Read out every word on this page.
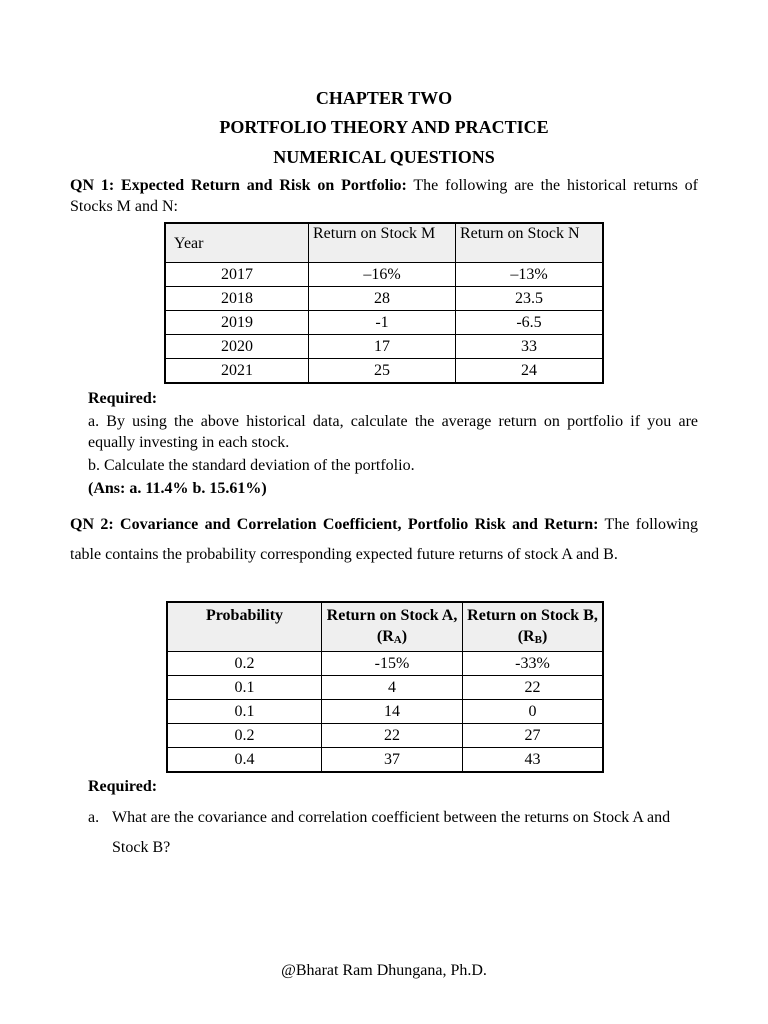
CHAPTER TWO
PORTFOLIO THEORY AND PRACTICE
NUMERICAL QUESTIONS
QN 1: Expected Return and Risk on Portfolio: The following are the historical returns of Stocks M and N:
Year	Return on Stock M	Return on Stock N
2017	–16%	–13%
2018	28	23.5
2019	-1	-6.5
2020	17	33
2021	25	24
Required:
a. By using the above historical data, calculate the average return on portfolio if you are equally investing in each stock.
b. Calculate the standard deviation of the portfolio.
(Ans: a. 11.4% b. 15.61%)
QN 2: Covariance and Correlation Coefficient, Portfolio Risk and Return: The following table contains the probability corresponding expected future returns of stock A and B.
Probability	Return on Stock A,(RA)	Return on Stock B, (RB)
0.2	-15%	-33%
0.1	4	22
0.1	14	0
0.2	22	27
0.4	37	43
Required:
a. What are the covariance and correlation coefficient between the returns on Stock A and Stock B?
@Bharat Ram Dhungana, Ph.D.
